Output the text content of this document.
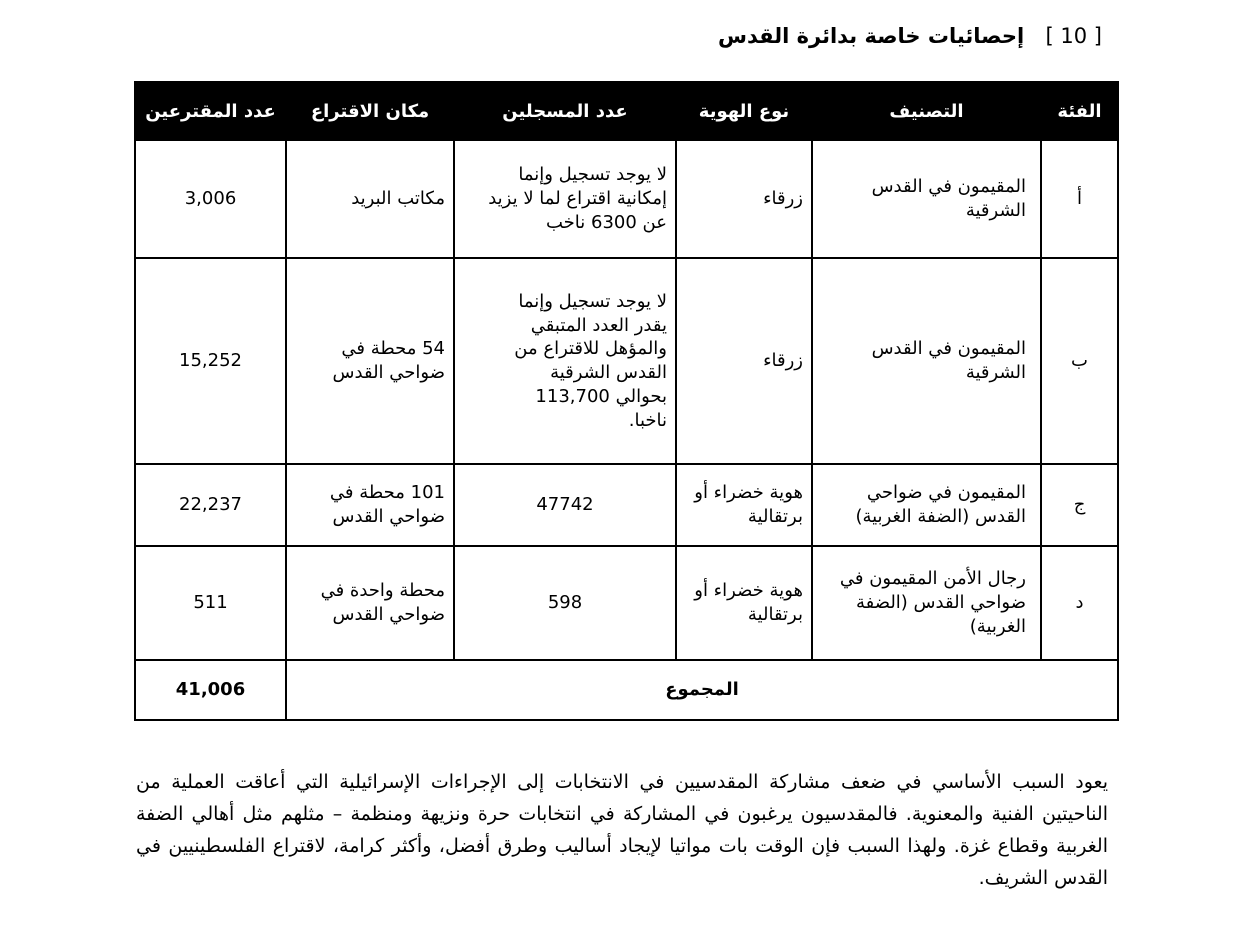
[ 10 ] إحصائيات خاصة بدائرة القدس
الفئة	التصنيف	نوع الهوية	عدد المسجلين	مكان الاقتراع	عدد المقترعين
أ	المقيمون في القدس الشرقية	زرقاء	لا يوجد تسجيل وإنما إمكانية اقتراع لما لا يزيد عن 6300 ناخب	مكاتب البريد	3,006
ب	المقيمون في القدس الشرقية	زرقاء	لا يوجد تسجيل وإنما يقدر العدد المتبقي والمؤهل للاقتراع من القدس الشرقية بحوالي 113,700 ناخبا.	54 محطة في ضواحي القدس	15,252
ج	المقيمون في ضواحي القدس (الضفة الغربية)	هوية خضراء أو برتقالية	47742	101 محطة في ضواحي القدس	22,237
د	رجال الأمن المقيمون في ضواحي القدس (الضفة الغربية)	هوية خضراء أو برتقالية	598	محطة واحدة في ضواحي القدس	511
المجموع					41,006

يعود السبب الأساسي في ضعف مشاركة المقدسيين في الانتخابات إلى الإجراءات الإسرائيلية التي أعاقت العملية من الناحيتين الفنية والمعنوية. فالمقدسيون يرغبون في المشاركة في انتخابات حرة ونزيهة ومنظمة – مثلهم مثل أهالي الضفة الغربية وقطاع غزة. ولهذا السبب فإن الوقت بات مواتيا لإيجاد أساليب وطرق أفضل، وأكثر كرامة، لاقتراع الفلسطينيين في القدس الشريف.
